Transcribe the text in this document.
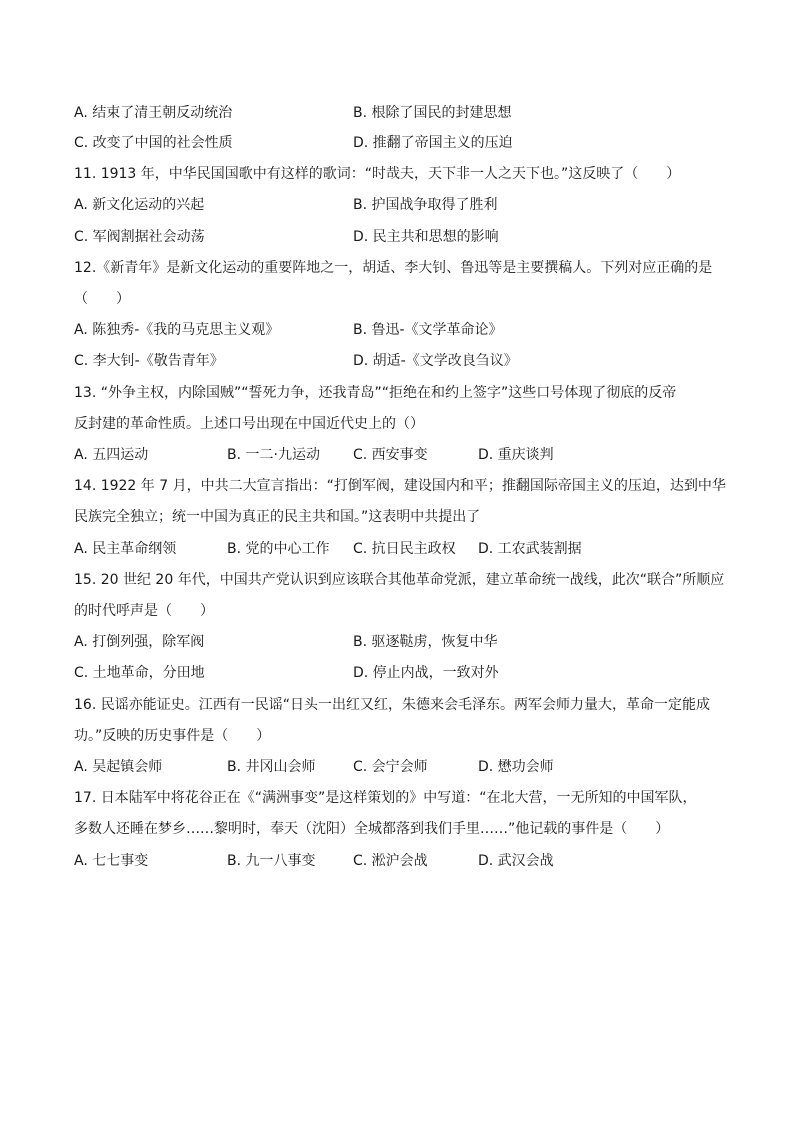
A. 结束了清王朝反动统治	B. 根除了国民的封建思想
C. 改变了中国的社会性质	D. 推翻了帝国主义的压迫
11. 1913 年，中华民国国歌中有这样的歌词：“时哉夫，天下非一人之天下也。”这反映了（　　）
A. 新文化运动的兴起	B. 护国战争取得了胜利
C. 军阀割据社会动荡	D. 民主共和思想的影响
12.《新青年》是新文化运动的重要阵地之一，胡适、李大钊、鲁迅等是主要撰稿人。下列对应正确的是
（　　）
A. 陈独秀-《我的马克思主义观》	B. 鲁迅-《文学革命论》
C. 李大钊-《敬告青年》	D. 胡适-《文学改良刍议》
13. “外争主权，内除国贼”“誓死力争，还我青岛”“拒绝在和约上签字”这些口号体现了彻底的反帝
反封建的革命性质。上述口号出现在中国近代史上的（）
A. 五四运动	B. 一二·九运动 C. 西安事变	D. 重庆谈判
14. 1922 年 7 月，中共二大宣言指出：“打倒军阀，建设国内和平；推翻国际帝国主义的压迫，达到中华
民族完全独立；统一中国为真正的民主共和国。”这表明中共提出了
A. 民主革命纲领	B. 党的中心工作 C. 抗日民主政权 D. 工农武装割据
15. 20 世纪 20 年代，中国共产党认识到应该联合其他革命党派，建立革命统一战线，此次“联合”所顺应
的时代呼声是（　　）
A. 打倒列强，除军阀	B. 驱逐鞑虏，恢复中华
C. 土地革命，分田地	D. 停止内战，一致对外
16. 民谣亦能证史。江西有一民谣“日头一出红又红，朱德来会毛泽东。两军会师力量大，革命一定能成
功。”反映的历史事件是（　　）
A. 吴起镇会师	B. 井冈山会师	C. 会宁会师	D. 懋功会师
17. 日本陆军中将花谷正在《“满洲事变”是这样策划的》中写道：“在北大营，一无所知的中国军队，
多数人还睡在梦乡……黎明时，奉天（沈阳）全城都落到我们手里……”他记载的事件是（　　）
A. 七七事变	B. 九一八事变	C. 淞沪会战	D. 武汉会战
